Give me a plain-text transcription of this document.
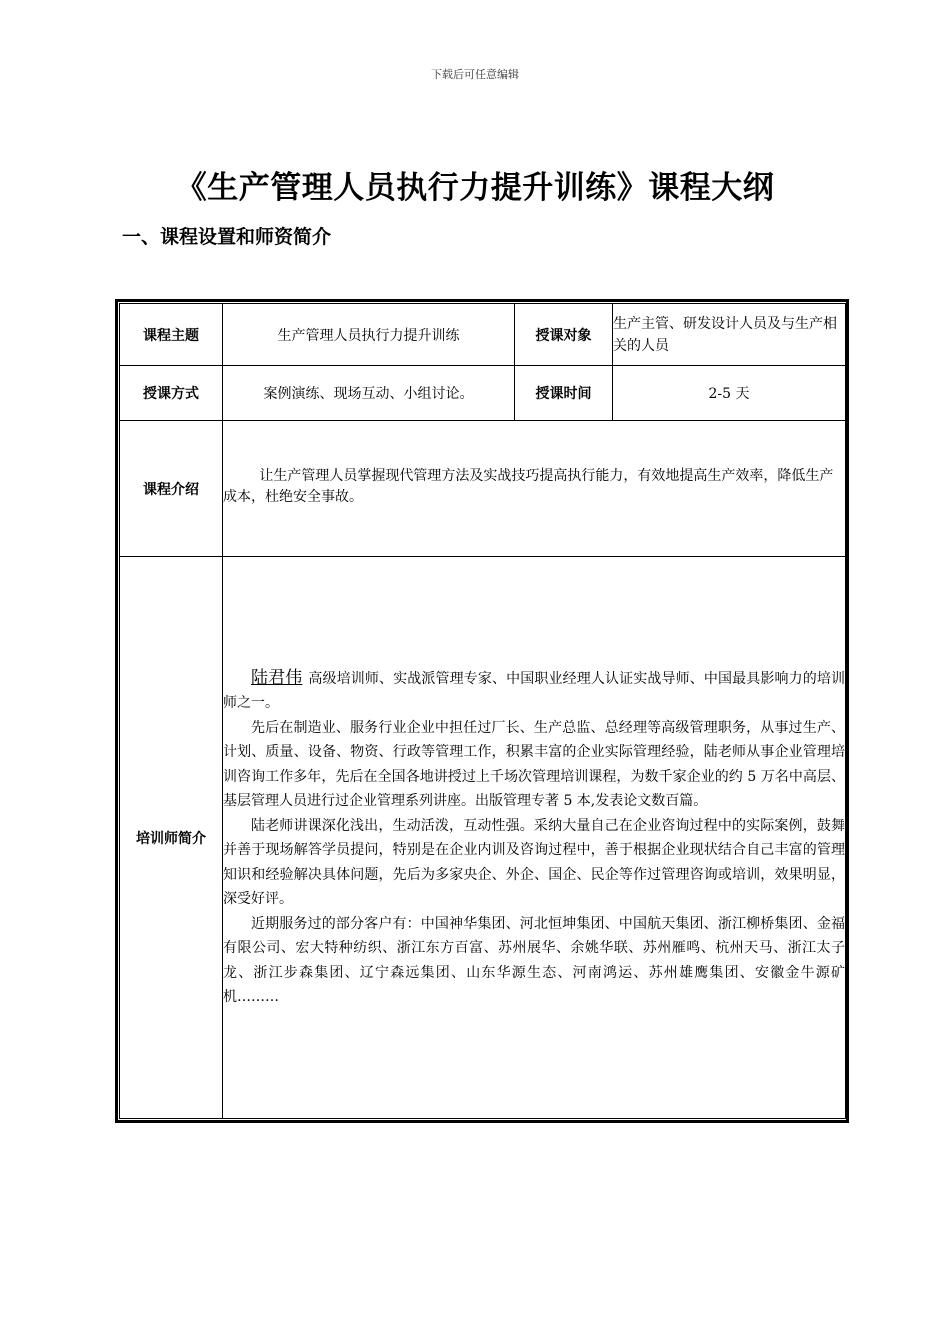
下载后可任意编辑
《生产管理人员执行力提升训练》课程大纲
一、课程设置和师资简介
课程主题	生产管理人员执行力提升训练	授课对象	生产主管、研发设计人员及与生产相关的人员
授课方式	案例演练、现场互动、小组讨论。	授课时间	2-5 天
课程介绍	让生产管理人员掌握现代管理方法及实战技巧提高执行能力，有效地提高生产效率，降低生产成本，杜绝安全事故。		

培训师简介	陆君伟 高级培训师、实战派管理专家、中国职业经理人认证实战导师、中国最具影响力的培训师之一。

先后在制造业、服务行业企业中担任过厂长、生产总监、总经理等高级管理职务，从事过生产、计划、质量、设备、物资、行政等管理工作，积累丰富的企业实际管理经验，陆老师从事企业管理培训咨询工作多年，先后在全国各地讲授过上千场次管理培训课程，为数千家企业的约 5 万名中高层、基层管理人员进行过企业管理系列讲座。出版管理专著 5 本,发表论文数百篇。

陆老师讲课深化浅出，生动活泼，互动性强。采纳大量自己在企业咨询过程中的实际案例，鼓舞并善于现场解答学员提问，特别是在企业内训及咨询过程中，善于根据企业现状结合自己丰富的管理知识和经验解决具体问题，先后为多家央企、外企、国企、民企等作过管理咨询或培训，效果明显，深受好评。

近期服务过的部分客户有：中国神华集团、河北恒坤集团、中国航天集团、浙江柳桥集团、金福有限公司、宏大特种纺织、浙江东方百富、苏州展华、余姚华联、苏州雁鸣、杭州天马、浙江太子龙、浙江步森集团、辽宁森远集团、山东华源生态、河南鸿运、苏州雄鹰集团、安徽金牛源矿机………		
